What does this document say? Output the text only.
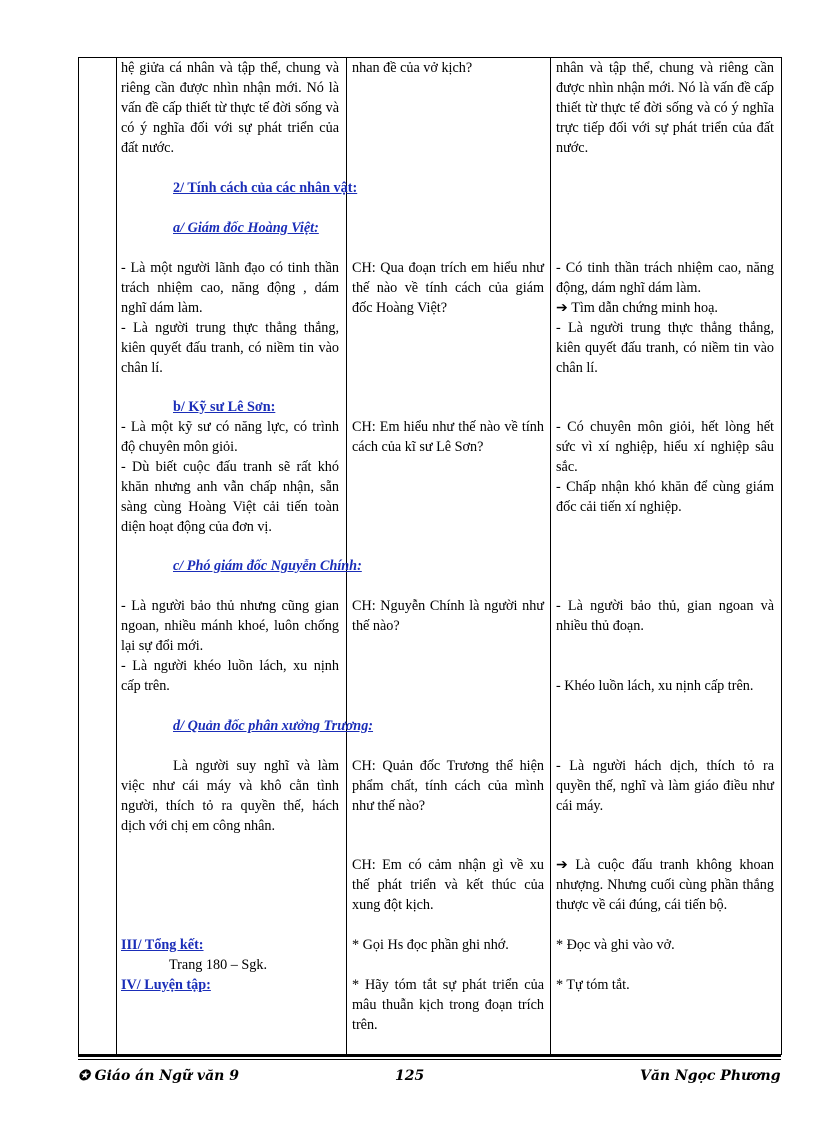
hệ giửa cá nhân và tập thể, chung và riêng cần được nhìn nhận mới. Nó là vấn đề cấp thiết từ thực tế đời sống và có ý nghĩa đối với sự phát triển của đất nước.

2/ Tính cách của các nhân vật:
a/ Giám đốc Hoàng Việt:

- Là một người lãnh đạo có tinh thần trách nhiệm cao, năng động , dám nghĩ dám làm.

- Là người trung thực thẳng thắng, kiên quyết đấu tranh, có niềm tin vào chân lí.

b/ Kỹ sư Lê Sơn:

- Là một kỹ sư có năng lực, có trình độ chuyên môn giỏi.

- Dù biết cuộc đấu tranh sẽ rất khó khăn nhưng anh vẫn chấp nhận, sẵn sàng cùng Hoàng Việt cải tiến toàn diện hoạt động của đơn vị.

c/ Phó giám đốc Nguyễn Chính:

- Là người bảo thủ nhưng cũng gian ngoan, nhiều mánh khoé, luôn chống lại sự đổi mới.

- Là người khéo luồn lách, xu nịnh cấp trên.

d/ Quản đốc phân xưởng Trương:

Là người suy nghĩ và làm việc như cái máy và khô cằn tình người, thích tỏ ra quyền thế, hách dịch với chị em công nhân.

III/ Tổng kết:
Trang 180 – Sgk.
IV/ Luyện tập:
nhan đề của vở kịch?
CH: Qua đoạn trích em hiểu như thế nào về tính cách của giám đốc Hoàng Việt?
CH: Em hiểu như thế nào về tính cách của kĩ sư Lê Sơn?
CH: Nguyễn Chính là người như thế nào?
CH: Quản đốc Trương thể hiện phẩm chất, tính cách của mình như thế nào?
CH: Em có cảm nhận gì về xu thế phát triển và kết thúc của xung đột kịch.
* Gọi Hs đọc phần ghi nhớ.
* Hãy tóm tắt sự phát triển của mâu thuẫn kịch trong đoạn trích trên.
nhân và tập thể, chung và riêng cần được nhìn nhận mới. Nó là vấn đề cấp thiết từ thực tế đời sống và có ý nghĩa trực tiếp đối với sự phát triển của đất nước.

- Có tinh thần trách nhiệm cao, năng động, dám nghĩ dám làm.

➔ Tìm dẫn chứng minh hoạ.

- Là người trung thực thẳng thắng, kiên quyết đấu tranh, có niềm tin vào chân lí.

- Có chuyên môn giỏi, hết lòng hết sức vì xí nghiệp, hiểu xí nghiệp sâu sắc.

- Chấp nhận khó khăn để cùng giám đốc cải tiến xí nghiệp.

- Là người bảo thủ, gian ngoan và nhiều thủ đoạn.
- Khéo luồn lách, xu nịnh cấp trên.
- Là người hách dịch, thích tỏ ra quyền thế, nghĩ và làm giáo điều như cái máy.
➔ Là cuộc đấu tranh không khoan nhượng. Nhưng cuối cùng phần thắng thược về cái đúng, cái tiến bộ.
* Đọc và ghi vào vở.
* Tự tóm tắt.
✪ Giáo án Ngữ văn 9	125	Văn Ngọc Phương
